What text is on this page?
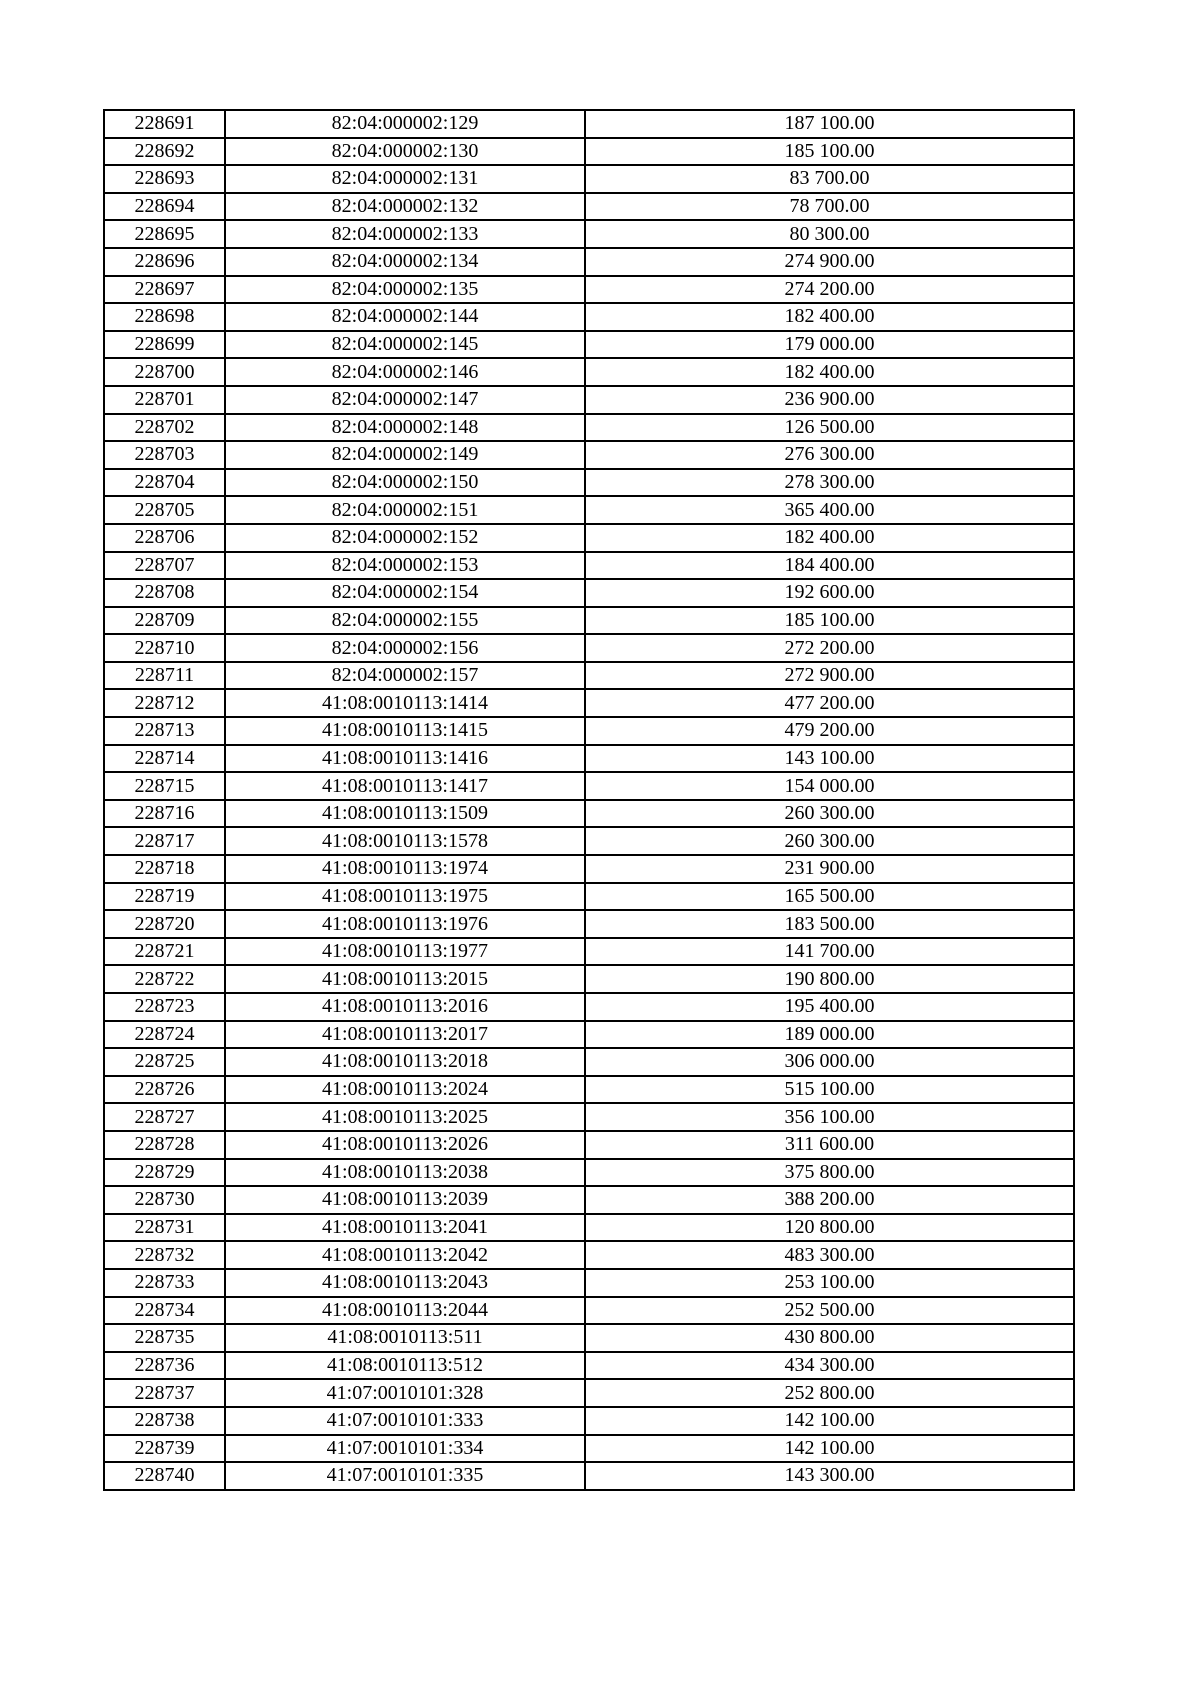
228691	82:04:000002:129	187 100.00
228692	82:04:000002:130	185 100.00
228693	82:04:000002:131	83 700.00
228694	82:04:000002:132	78 700.00
228695	82:04:000002:133	80 300.00
228696	82:04:000002:134	274 900.00
228697	82:04:000002:135	274 200.00
228698	82:04:000002:144	182 400.00
228699	82:04:000002:145	179 000.00
228700	82:04:000002:146	182 400.00
228701	82:04:000002:147	236 900.00
228702	82:04:000002:148	126 500.00
228703	82:04:000002:149	276 300.00
228704	82:04:000002:150	278 300.00
228705	82:04:000002:151	365 400.00
228706	82:04:000002:152	182 400.00
228707	82:04:000002:153	184 400.00
228708	82:04:000002:154	192 600.00
228709	82:04:000002:155	185 100.00
228710	82:04:000002:156	272 200.00
228711	82:04:000002:157	272 900.00
228712	41:08:0010113:1414	477 200.00
228713	41:08:0010113:1415	479 200.00
228714	41:08:0010113:1416	143 100.00
228715	41:08:0010113:1417	154 000.00
228716	41:08:0010113:1509	260 300.00
228717	41:08:0010113:1578	260 300.00
228718	41:08:0010113:1974	231 900.00
228719	41:08:0010113:1975	165 500.00
228720	41:08:0010113:1976	183 500.00
228721	41:08:0010113:1977	141 700.00
228722	41:08:0010113:2015	190 800.00
228723	41:08:0010113:2016	195 400.00
228724	41:08:0010113:2017	189 000.00
228725	41:08:0010113:2018	306 000.00
228726	41:08:0010113:2024	515 100.00
228727	41:08:0010113:2025	356 100.00
228728	41:08:0010113:2026	311 600.00
228729	41:08:0010113:2038	375 800.00
228730	41:08:0010113:2039	388 200.00
228731	41:08:0010113:2041	120 800.00
228732	41:08:0010113:2042	483 300.00
228733	41:08:0010113:2043	253 100.00
228734	41:08:0010113:2044	252 500.00
228735	41:08:0010113:511	430 800.00
228736	41:08:0010113:512	434 300.00
228737	41:07:0010101:328	252 800.00
228738	41:07:0010101:333	142 100.00
228739	41:07:0010101:334	142 100.00
228740	41:07:0010101:335	143 300.00
